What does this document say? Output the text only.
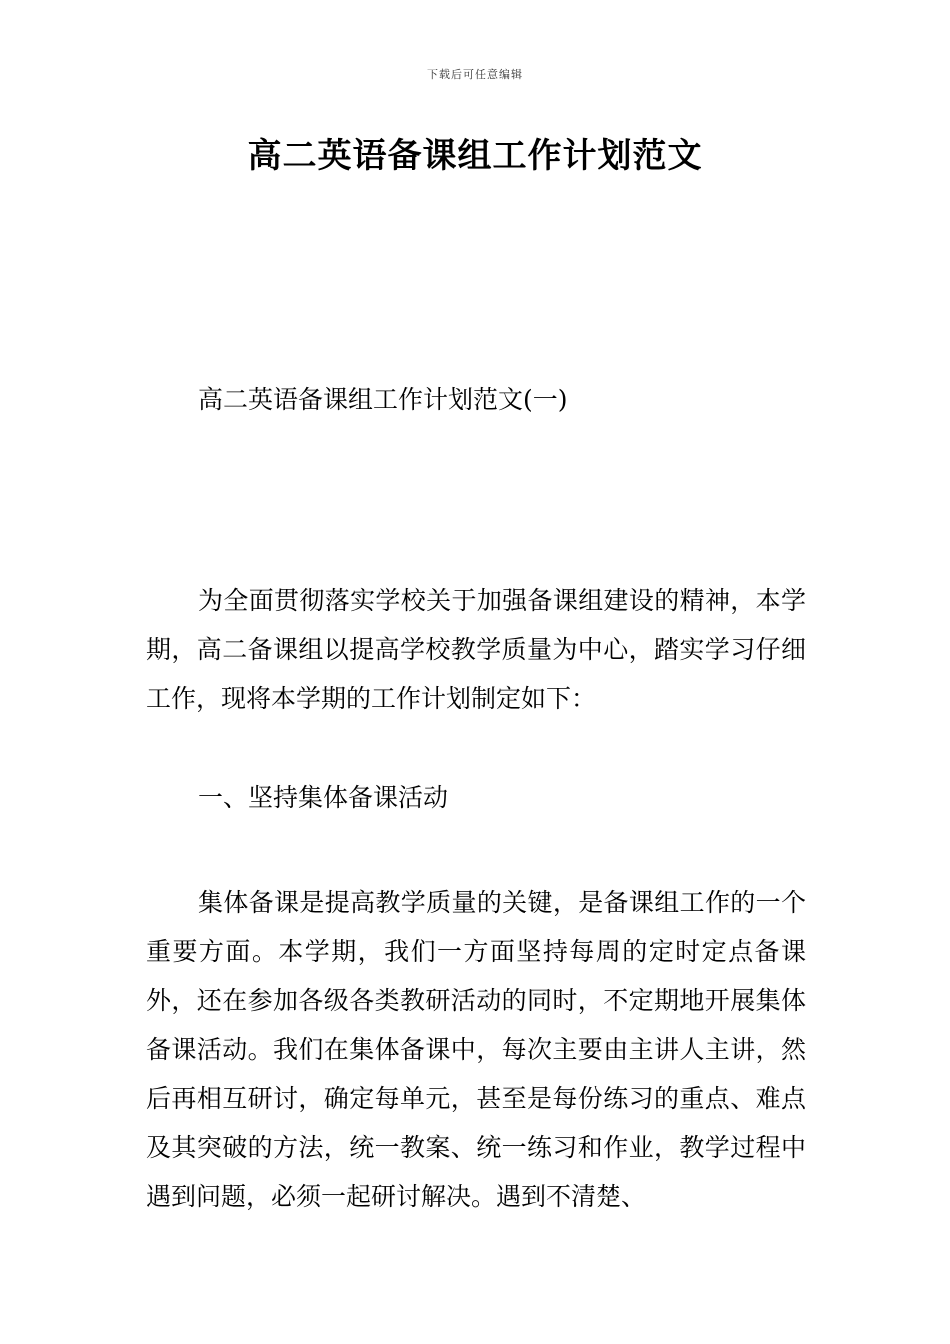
下载后可任意编辑
高二英语备课组工作计划范文
高二英语备课组工作计划范文(一)

为全面贯彻落实学校关于加强备课组建设的精神，本学期，高二备课组以提高学校教学质量为中心，踏实学习仔细工作，现将本学期的工作计划制定如下：

一、坚持集体备课活动

集体备课是提高教学质量的关键，是备课组工作的一个重要方面。本学期，我们一方面坚持每周的定时定点备课外，还在参加各级各类教研活动的同时，不定期地开展集体备课活动。我们在集体备课中，每次主要由主讲人主讲，然后再相互研讨，确定每单元，甚至是每份练习的重点、难点及其突破的方法，统一教案、统一练习和作业，教学过程中遇到问题，必须一起研讨解决。遇到不清楚、
